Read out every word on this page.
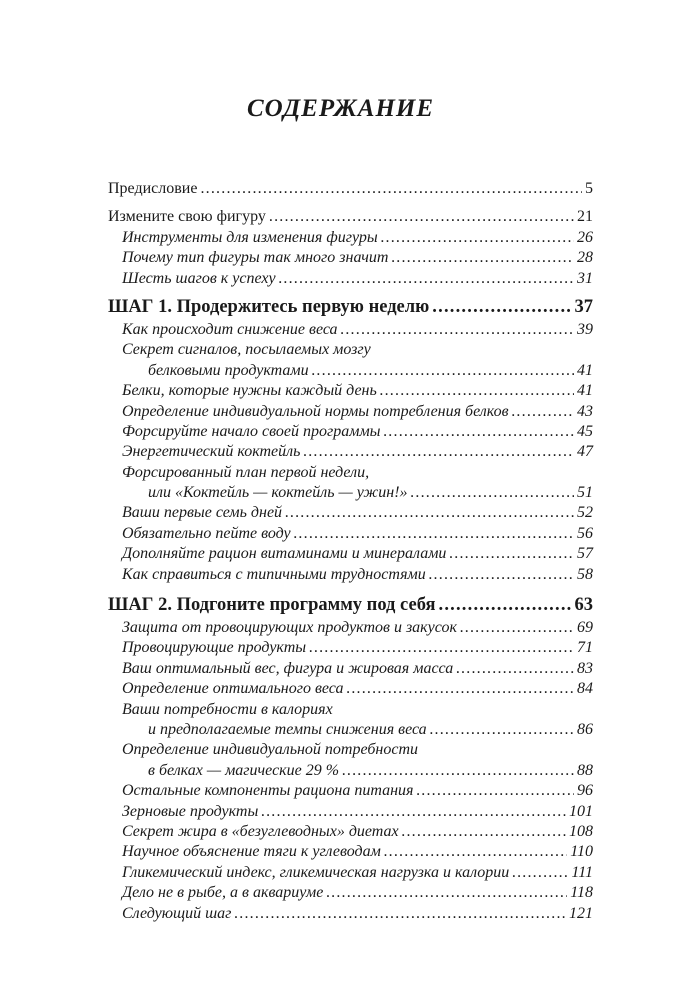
СОДЕРЖАНИЕ
Предисловие .....	5
Измените свою фигуру .....	21
Инструменты для изменения фигуры .....	26
Почему тип фигуры так много значит .....	28
Шесть шагов к успеху .....	31
ШАГ 1. Продержитесь первую неделю .....	37
Как происходит снижение веса .....	39
Секрет сигналов, посылаемых мозгу
белковыми продуктами .....	41
Белки, которые нужны каждый день .....	41
Определение индивидуальной нормы потребления белков .....	43
Форсируйте начало своей программы .....	45
Энергетический коктейль .....	47
Форсированный план первой недели,
или «Коктейль — коктейль — ужин!» .....	51
Ваши первые семь дней .....	52
Обязательно пейте воду .....	56
Дополняйте рацион витаминами и минералами .....	57
Как справиться с типичными трудностями .....	58
ШАГ 2. Подгоните программу под себя .....	63
Защита от провоцирующих продуктов и закусок .....	69
Провоцирующие продукты .....	71
Ваш оптимальный вес, фигура и жировая масса .....	83
Определение оптимального веса .....	84
Ваши потребности в калориях
и предполагаемые темпы снижения веса .....	86
Определение индивидуальной потребности
в белках — магические 29 % .....	88
Остальные компоненты рациона питания .....	96
Зерновые продукты .....	101
Секрет жира в «безуглеводных» диетах .....	108
Научное объяснение тяги к углеводам .....	110
Гликемический индекс, гликемическая нагрузка и калории .....	111
Дело не в рыбе, а в аквариуме .....	118
Следующий шаг .....	121
